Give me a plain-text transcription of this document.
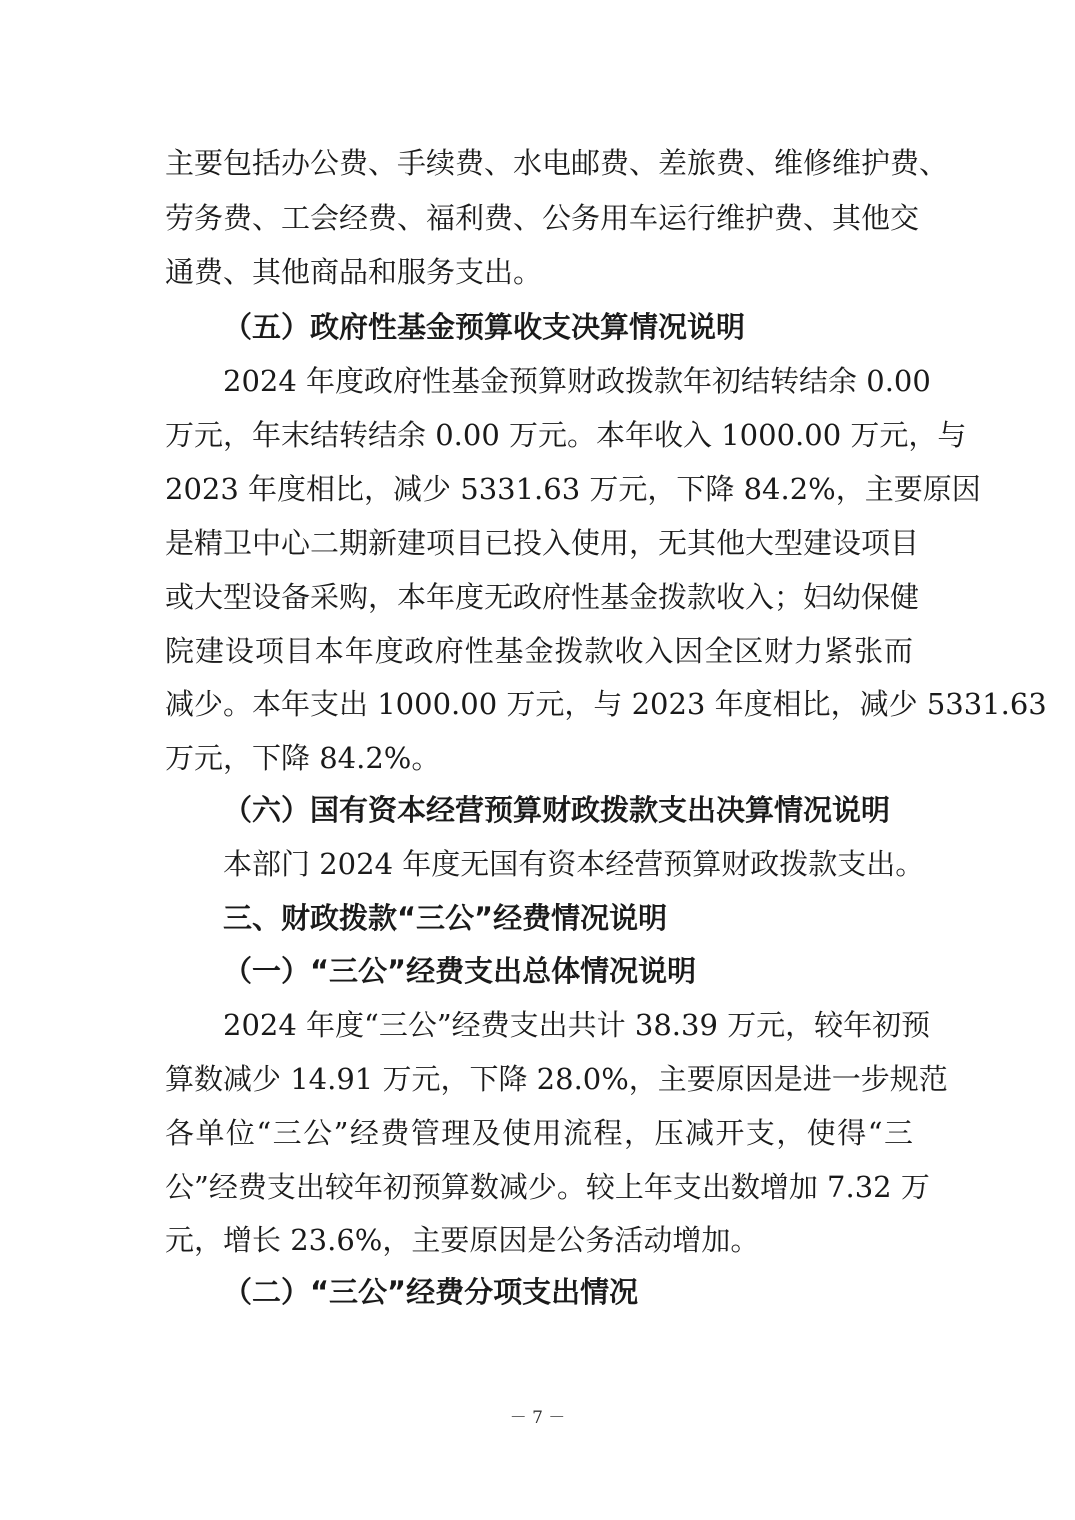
主要包括办公费、手续费、水电邮费、差旅费、维修维护费、
劳务费、工会经费、福利费、公务用车运行维护费、其他交
通费、其他商品和服务支出。
（五）政府性基金预算收支决算情况说明
2024 年度政府性基金预算财政拨款年初结转结余 0.00
万元，年末结转结余 0.00 万元。本年收入 1000.00 万元，与
2023 年度相比，减少 5331.63 万元，下降 84.2%，主要原因
是精卫中心二期新建项目已投入使用，无其他大型建设项目
或大型设备采购，本年度无政府性基金拨款收入；妇幼保健
院建设项目本年度政府性基金拨款收入因全区财力紧张而
减少。本年支出 1000.00 万元，与 2023 年度相比，减少 5331.63
万元，下降 84.2%。
（六）国有资本经营预算财政拨款支出决算情况说明
本部门 2024 年度无国有资本经营预算财政拨款支出。
三、财政拨款“三公”经费情况说明
（一）“三公”经费支出总体情况说明
2024 年度“三公”经费支出共计 38.39 万元，较年初预
算数减少 14.91 万元，下降 28.0%，主要原因是进一步规范
各单位“三公”经费管理及使用流程，压减开支，使得“三
公”经费支出较年初预算数减少。较上年支出数增加 7.32 万
元，增长 23.6%，主要原因是公务活动增加。
（二）“三公”经费分项支出情况
－ 7 －
